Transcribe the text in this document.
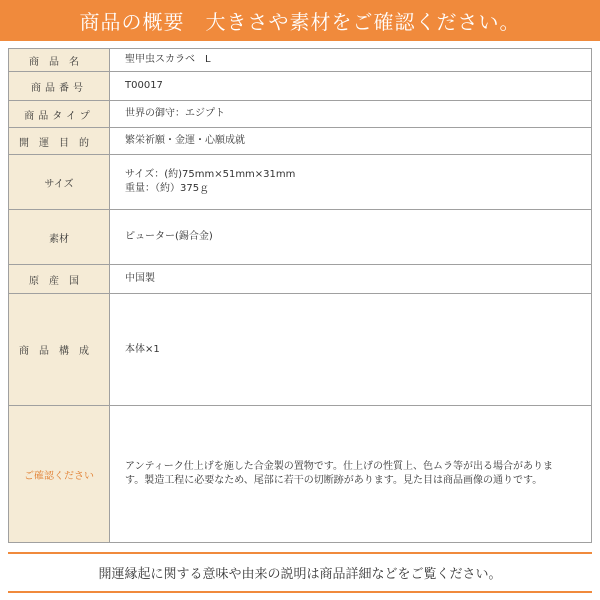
商品の概要　大きさや素材をご確認ください。
商品名	聖甲虫スカラベ　L
商品番号	T00017
商品タイプ	世界の御守：エジプト
開運目的	繁栄祈願・金運・心願成就
サイズ	サイズ：(約)75mm×51mm×31mm
重量：（約）375ｇ

素材	ピューター(錫合金)
原産国	中国製
商品構成	本体×1
ご確認ください	アンティーク仕上げを施した合金製の置物です。仕上げの性質上、色ムラ等が出る場合があります。製造工程に必要なため、尾部に若干の切断跡があります。見た目は商品画像の通りです。
開運縁起に関する意味や由来の説明は商品詳細などをご覧ください。
